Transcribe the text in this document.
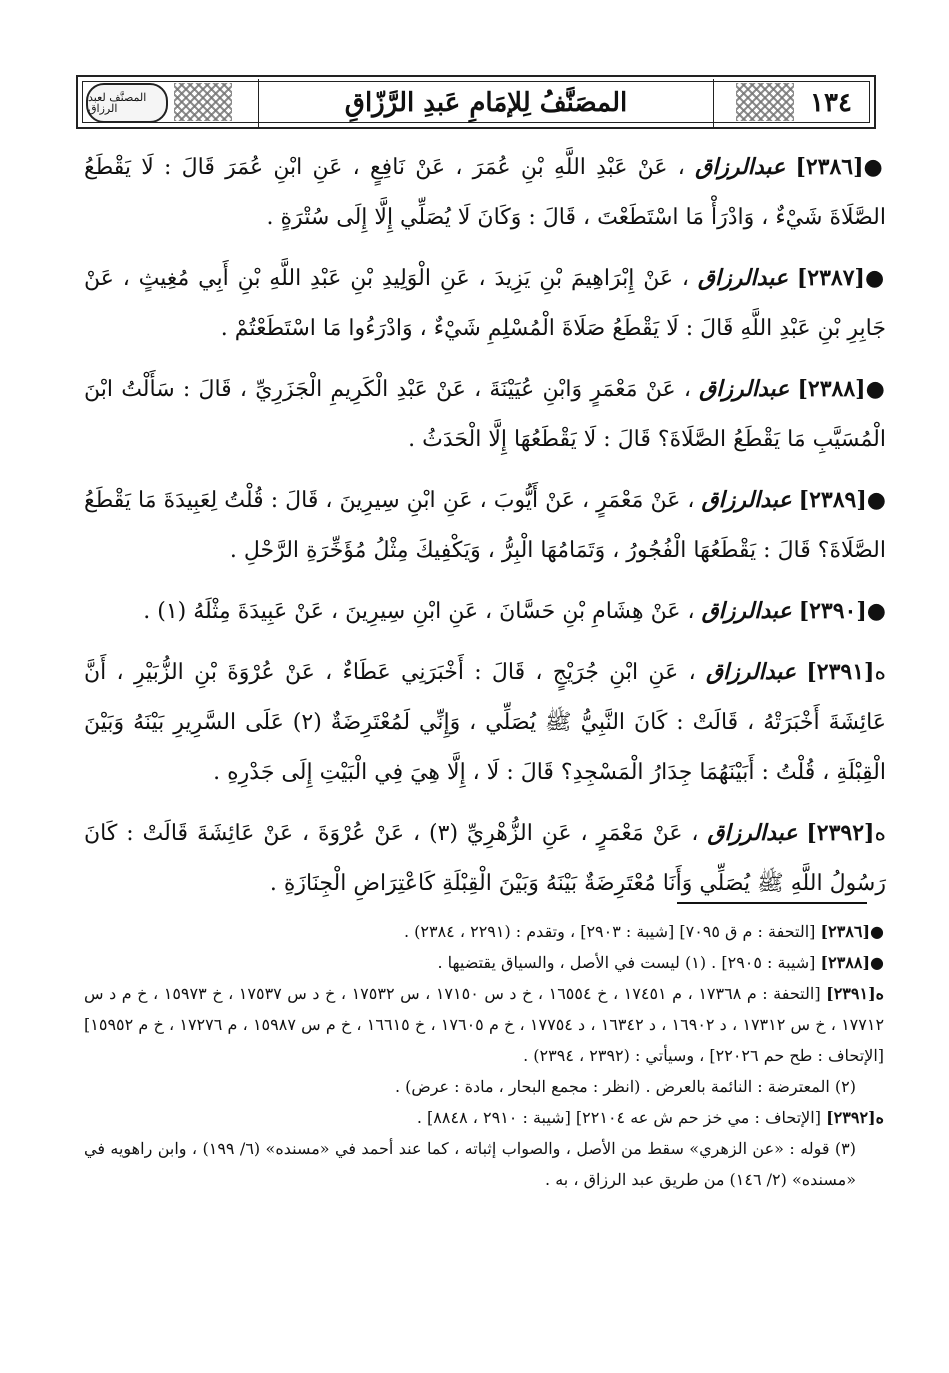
المصنَّف لعبد الرزاق	المصَنَّفُ لِلإمَامِ عَبدِ الرَّزّاقِ	١٣٤

●[٢٣٨٦] عبدالرزاق ، عَنْ عَبْدِ اللَّهِ بْنِ عُمَرَ ، عَنْ نَافِعٍ ، عَنِ ابْنِ عُمَرَ قَالَ : لَا يَقْطَعُ الصَّلَاةَ شَيْءٌ ، وَادْرَأْ مَا اسْتَطَعْتَ ، قَالَ : وَكَانَ لَا يُصَلِّي إِلَّا إِلَى سُتْرَةٍ .

●[٢٣٨٧] عبدالرزاق ، عَنْ إِبْرَاهِيمَ بْنِ يَزِيدَ ، عَنِ الْوَلِيدِ بْنِ عَبْدِ اللَّهِ بْنِ أَبِي مُغِيثٍ ، عَنْ جَابِرِ بْنِ عَبْدِ اللَّهِ قَالَ : لَا يَقْطَعُ صَلَاةَ الْمُسْلِمِ شَيْءٌ ، وَادْرَءُوا مَا اسْتَطَعْتُمْ .

●[٢٣٨٨] عبدالرزاق ، عَنْ مَعْمَرٍ وَابْنِ عُيَيْنَةَ ، عَنْ عَبْدِ الْكَرِيمِ الْجَزَرِيِّ ، قَالَ : سَأَلْتُ ابْنَ الْمُسَيَّبِ مَا يَقْطَعُ الصَّلَاةَ؟ قَالَ : لَا يَقْطَعُهَا إِلَّا الْحَدَثُ .

●[٢٣٨٩] عبدالرزاق ، عَنْ مَعْمَرٍ ، عَنْ أَيُّوبَ ، عَنِ ابْنِ سِيرِينَ ، قَالَ : قُلْتُ لِعَبِيدَةَ مَا يَقْطَعُ الصَّلَاةَ؟ قَالَ : يَقْطَعُهَا الْفُجُورُ ، وَتَمَامُهَا الْبِرُّ ، وَيَكْفِيكَ مِثْلُ مُؤَخِّرَةِ الرَّحْلِ .

●[٢٣٩٠] عبدالرزاق ، عَنْ هِشَامِ بْنِ حَسَّانَ ، عَنِ ابْنِ سِيرِينَ ، عَنْ عَبِيدَةَ مِثْلَهُ (١) .

ه[٢٣٩١] عبدالرزاق ، عَنِ ابْنِ جُرَيْجٍ ، قَالَ : أَخْبَرَنِي عَطَاءٌ ، عَنْ عُرْوَةَ بْنِ الزُّبَيْرِ ، أَنَّ عَائِشَةَ أَخْبَرَتْهُ ، قَالَتْ : كَانَ النَّبِيُّ ﷺ يُصَلِّي ، وَإِنِّي لَمُعْتَرِضَةٌ (٢) عَلَى السَّرِيرِ بَيْنَهُ وَبَيْنَ الْقِبْلَةِ ، قُلْتُ : أَبَيْنَهُمَا جِدَارُ الْمَسْجِدِ؟ قَالَ : لَا ، إِلَّا هِيَ فِي الْبَيْتِ إِلَى جَدْرِهِ .

ه[٢٣٩٢] عبدالرزاق ، عَنْ مَعْمَرٍ ، عَنِ الزُّهْرِيِّ (٣) ، عَنْ عُرْوَةَ ، عَنْ عَائِشَةَ قَالَتْ : كَانَ رَسُولُ اللَّهِ ﷺ يُصَلِّي وَأَنَا مُعْتَرِضَةٌ بَيْنَهُ وَبَيْنَ الْقِبْلَةِ كَاعْتِرَاضِ الْجِنَازَةِ .

●[٢٣٨٦] [التحفة : م ق ٧٠٩٥] [شيبة : ٢٩٠٣] ، وتقدم : (٢٢٩١ ، ٢٣٨٤) .

●[٢٣٨٨] [شيبة : ٢٩٠٥] . (١) ليست في الأصل ، والسياق يقتضيها .

ه[٢٣٩١] [التحفة : م ١٧٣٦٨ ، م ١٧٤٥١ ، خ ١٦٥٥٤ ، خ د س ١٧١٥٠ ، س ١٧٥٣٢ ، خ د س ١٧٥٣٧ ، خ ١٥٩٧٣ ، خ م د س ١٧٧١٢ ، خ س ١٧٣١٢ ، د ١٦٩٠٢ ، د ١٦٣٤٢ ، د ١٧٧٥٤ ، خ م ١٧٦٠٥ ، خ ١٦٦١٥ ، خ م س ١٥٩٨٧ ، م ١٧٢٧٦ ، خ م ١٥٩٥٢] [الإتحاف : طح حم ٢٢٠٢٦] ، وسيأتي : (٢٣٩٢ ، ٢٣٩٤) .

(٢) المعترضة : النائمة بالعرض . (انظر : مجمع البحار ، مادة : عرض) .

ه[٢٣٩٢] [الإتحاف : مي خز حم ش عه ٢٢١٠٤] [شيبة : ٢٩١٠ ، ٨٨٤٨] .

(٣) قوله : «عن الزهري» سقط من الأصل ، والصواب إثباته ، كما عند أحمد في «مسنده» (٦/ ١٩٩) ، وابن راهويه في «مسنده» (٢/ ١٤٦) من طريق عبد الرزاق ، به .
